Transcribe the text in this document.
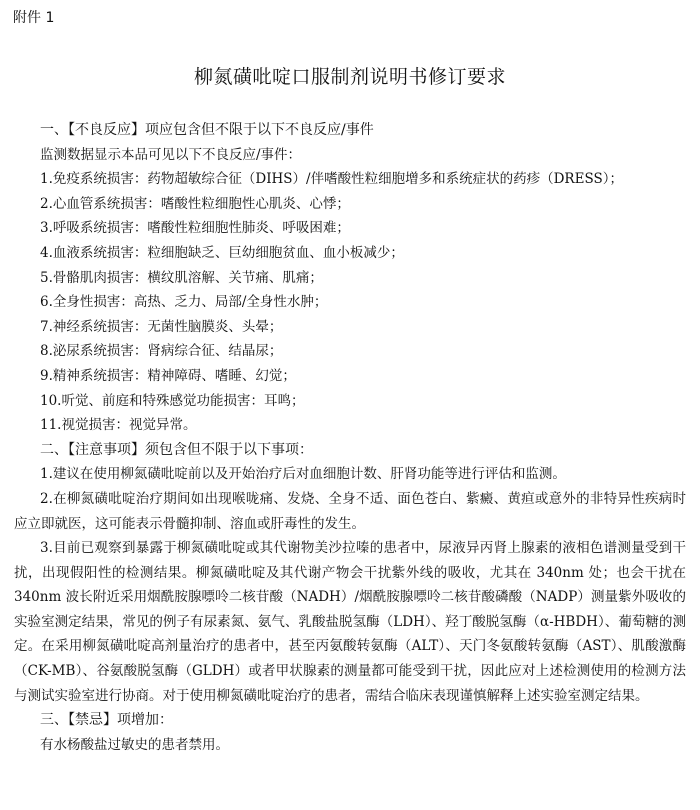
附件 1
柳氮磺吡啶口服制剂说明书修订要求
一、【不良反应】项应包含但不限于以下不良反应/事件
监测数据显示本品可见以下不良反应/事件：
1.免疫系统损害：药物超敏综合征（DIHS）/伴嗜酸性粒细胞增多和系统症状的药疹（DRESS）；
2.心血管系统损害：嗜酸性粒细胞性心肌炎、心悸；
3.呼吸系统损害：嗜酸性粒细胞性肺炎、呼吸困难；
4.血液系统损害：粒细胞缺乏、巨幼细胞贫血、血小板减少；
5.骨骼肌肉损害：横纹肌溶解、关节痛、肌痛；
6.全身性损害：高热、乏力、局部/全身性水肿；
7.神经系统损害：无菌性脑膜炎、头晕；
8.泌尿系统损害：肾病综合征、结晶尿；
9.精神系统损害：精神障碍、嗜睡、幻觉；
10.听觉、前庭和特殊感觉功能损害：耳鸣；
11.视觉损害：视觉异常。
二、【注意事项】须包含但不限于以下事项：
1.建议在使用柳氮磺吡啶前以及开始治疗后对血细胞计数、肝肾功能等进行评估和监测。

2.在柳氮磺吡啶治疗期间如出现喉咙痛、发烧、全身不适、面色苍白、紫癜、黄疸或意外的非特异性疾病时应立即就医，这可能表示骨髓抑制、溶血或肝毒性的发生。

3.目前已观察到暴露于柳氮磺吡啶或其代谢物美沙拉嗪的患者中，尿液异丙肾上腺素的液相色谱测量受到干扰，出现假阳性的检测结果。柳氮磺吡啶及其代谢产物会干扰紫外线的吸收，尤其在 340nm 处；也会干扰在 340nm 波长附近采用烟酰胺腺嘌呤二核苷酸（NADH）/烟酰胺腺嘌呤二核苷酸磷酸（NADP）测量紫外吸收的实验室测定结果，常见的例子有尿素氮、氨气、乳酸盐脱氢酶（LDH）、羟丁酸脱氢酶（α-HBDH）、葡萄糖的测定。在采用柳氮磺吡啶高剂量治疗的患者中，甚至丙氨酸转氨酶（ALT）、天门冬氨酸转氨酶（AST）、肌酸激酶（CK-MB）、谷氨酸脱氢酶（GLDH）或者甲状腺素的测量都可能受到干扰，因此应对上述检测使用的检测方法与测试实验室进行协商。对于使用柳氮磺吡啶治疗的患者，需结合临床表现谨慎解释上述实验室测定结果。

三、【禁忌】项增加：
有水杨酸盐过敏史的患者禁用。
